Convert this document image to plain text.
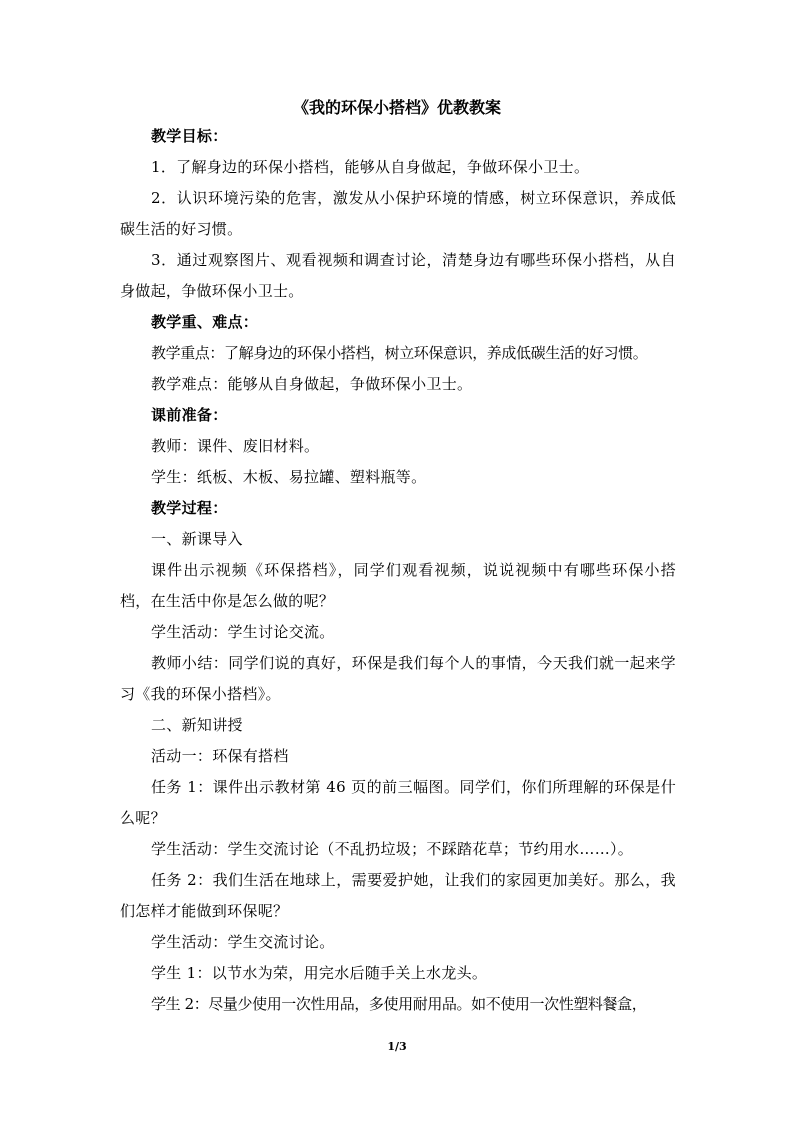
《我的环保小搭档》优教教案

教学目标：

1．了解身边的环保小搭档，能够从自身做起，争做环保小卫士。

2．认识环境污染的危害，激发从小保护环境的情感，树立环保意识，养成低碳生活的好习惯。

3．通过观察图片、观看视频和调查讨论，清楚身边有哪些环保小搭档，从自身做起，争做环保小卫士。

教学重、难点：

教学重点：了解身边的环保小搭档，树立环保意识，养成低碳生活的好习惯。

教学难点：能够从自身做起，争做环保小卫士。

课前准备：

教师：课件、废旧材料。

学生：纸板、木板、易拉罐、塑料瓶等。

教学过程：

一、新课导入

课件出示视频《环保搭档》，同学们观看视频，说说视频中有哪些环保小搭档，在生活中你是怎么做的呢？

学生活动：学生讨论交流。

教师小结：同学们说的真好，环保是我们每个人的事情，今天我们就一起来学习《我的环保小搭档》。

二、新知讲授

活动一：环保有搭档

任务 1：课件出示教材第 46 页的前三幅图。同学们，你们所理解的环保是什么呢？

学生活动：学生交流讨论（不乱扔垃圾；不踩踏花草；节约用水……）。

任务 2：我们生活在地球上，需要爱护她，让我们的家园更加美好。那么，我们怎样才能做到环保呢？

学生活动：学生交流讨论。

学生 1：以节水为荣，用完水后随手关上水龙头。

学生 2：尽量少使用一次性用品，多使用耐用品。如不使用一次性塑料餐盒，

1/3
